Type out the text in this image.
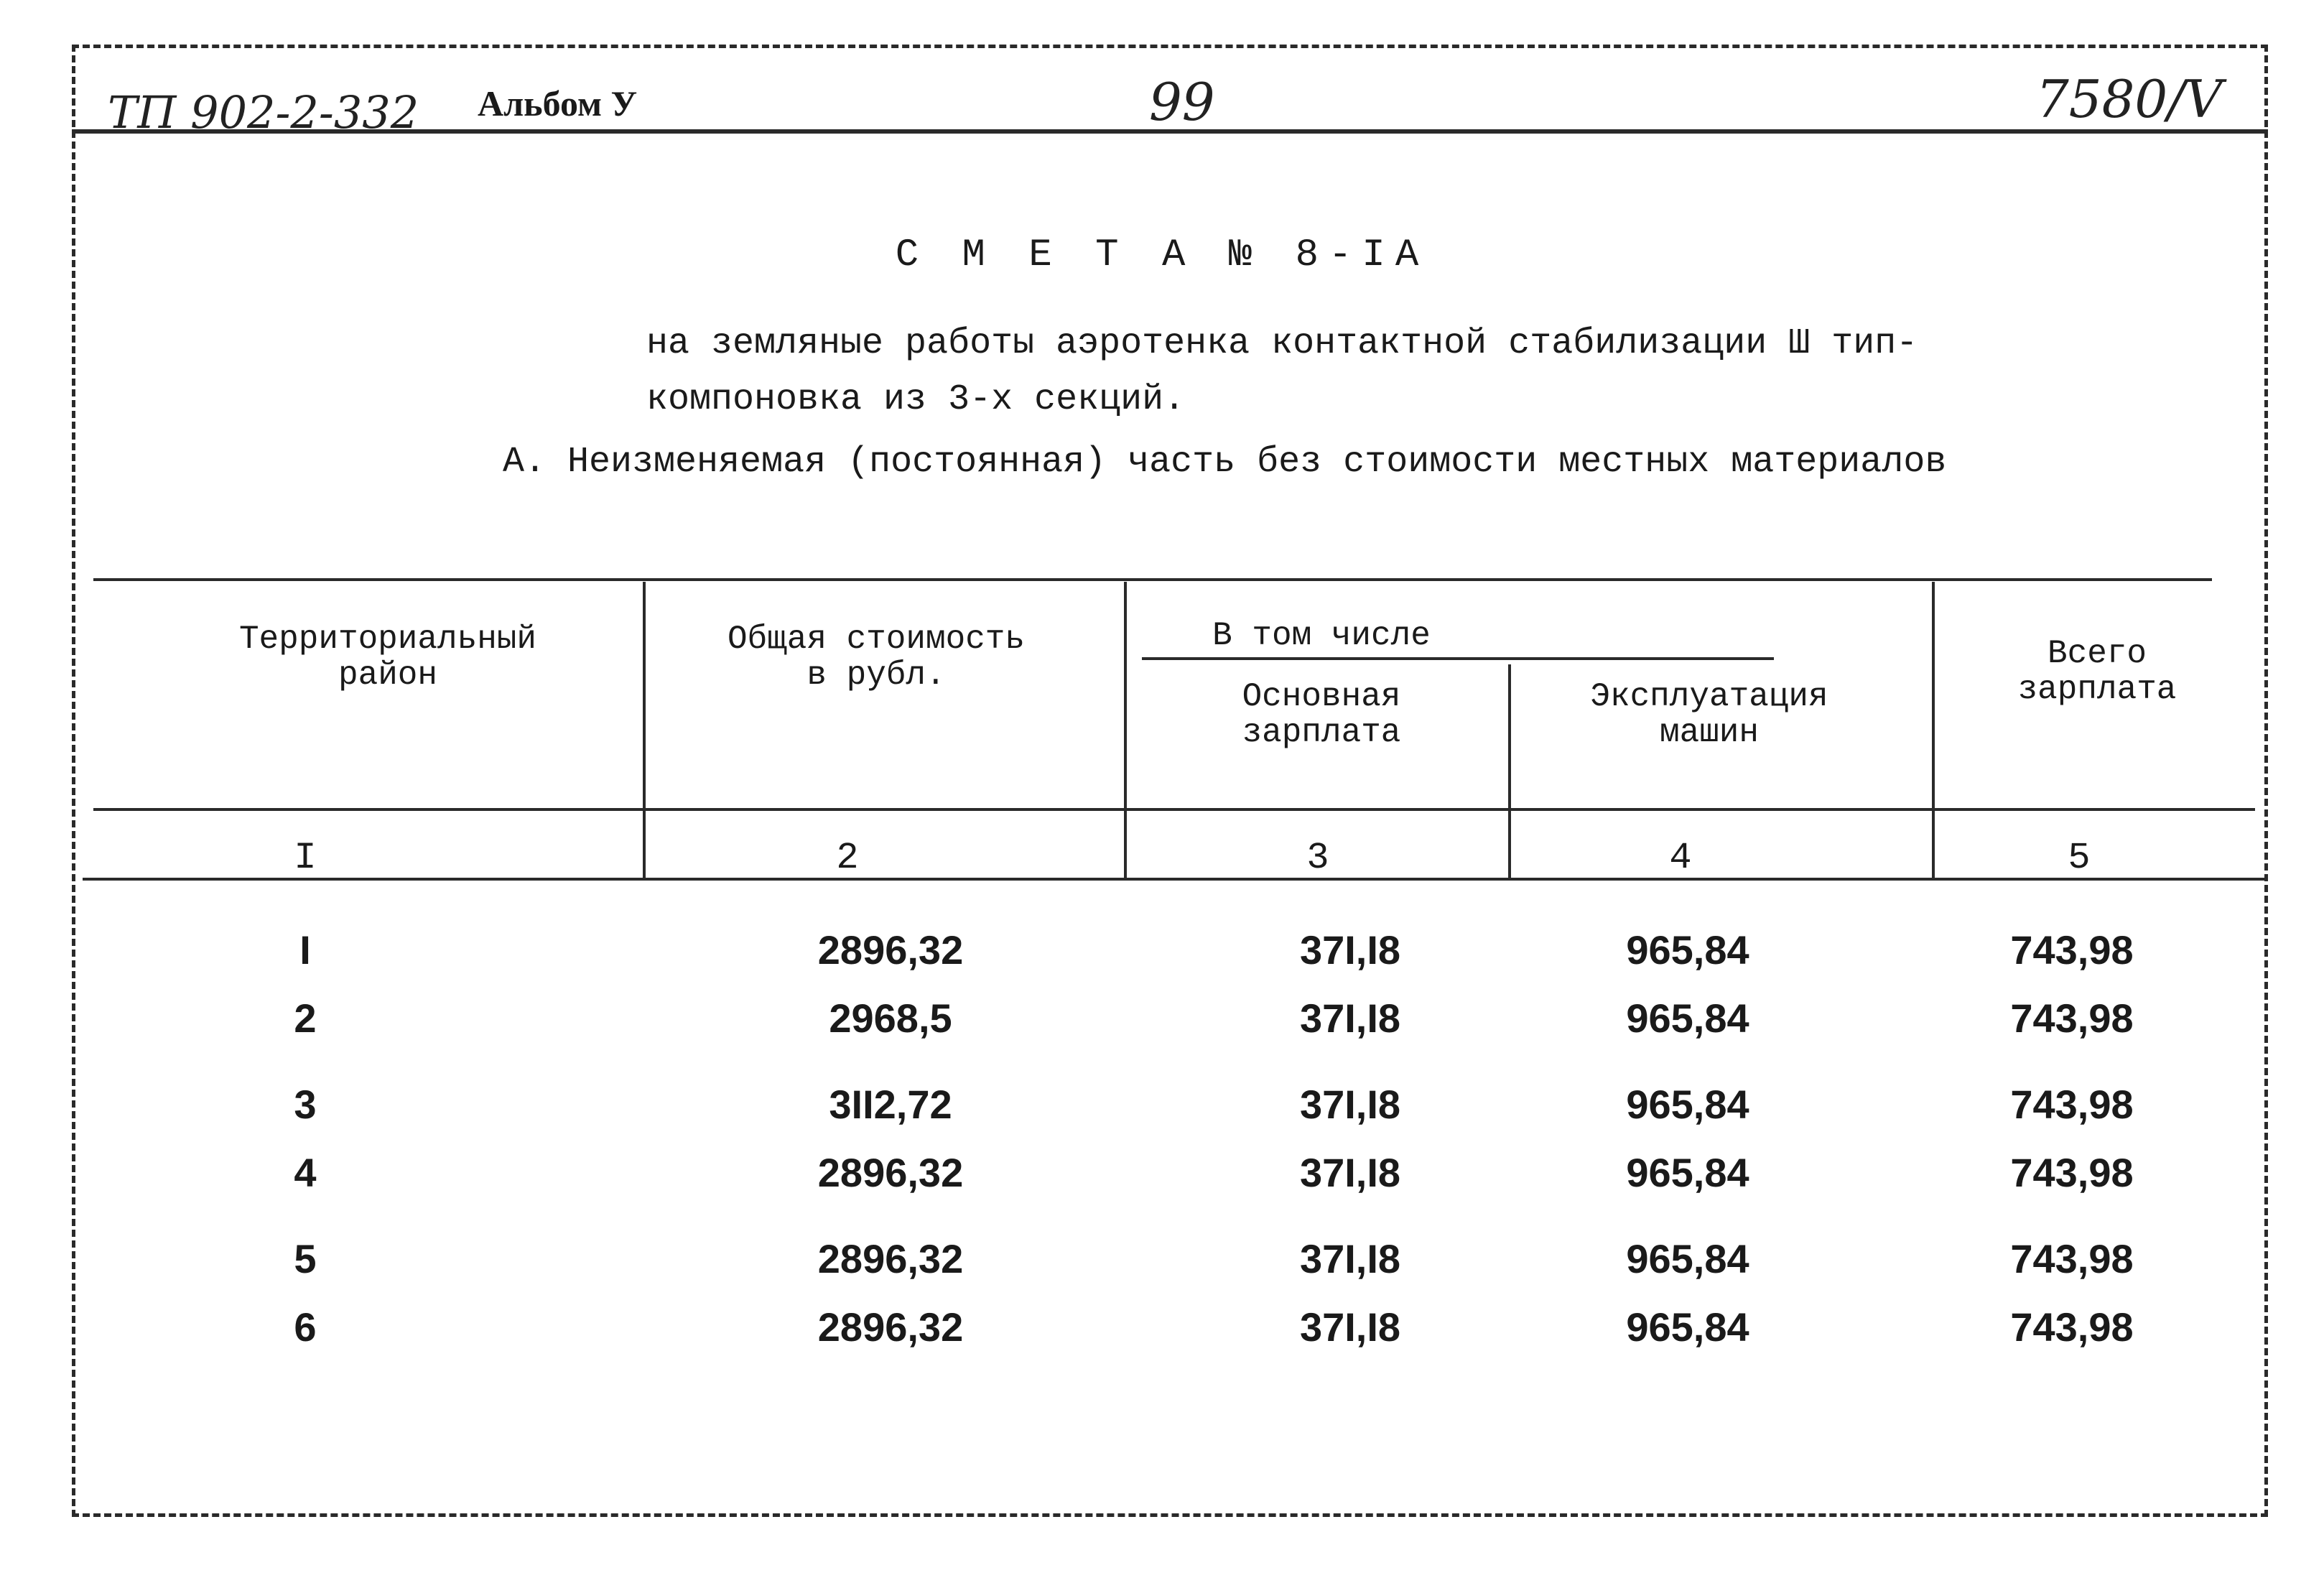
ТП 902-2-332 Альбом У	99	7580/V
С М Е Т А № 8-IA
на земляные работы аэротенка контактной стабилизации Ш тип-
компоновка из 3-х секций.
А. Неизменяемая (постоянная) часть без стоимости местных материалов
Территориальный
район
Общая стоимость
в рубл.
В том числе
Основная
зарплата
Эксплуатация
машин
Всего
зарплата
I	2	3	4	5
I	2896,32	37I,I8	965,84	743,98
2	2968,5	37I,I8	965,84	743,98
3	3II2,72	37I,I8	965,84	743,98
4	2896,32	37I,I8	965,84	743,98
5	2896,32	37I,I8	965,84	743,98
6	2896,32	37I,I8	965,84	743,98
